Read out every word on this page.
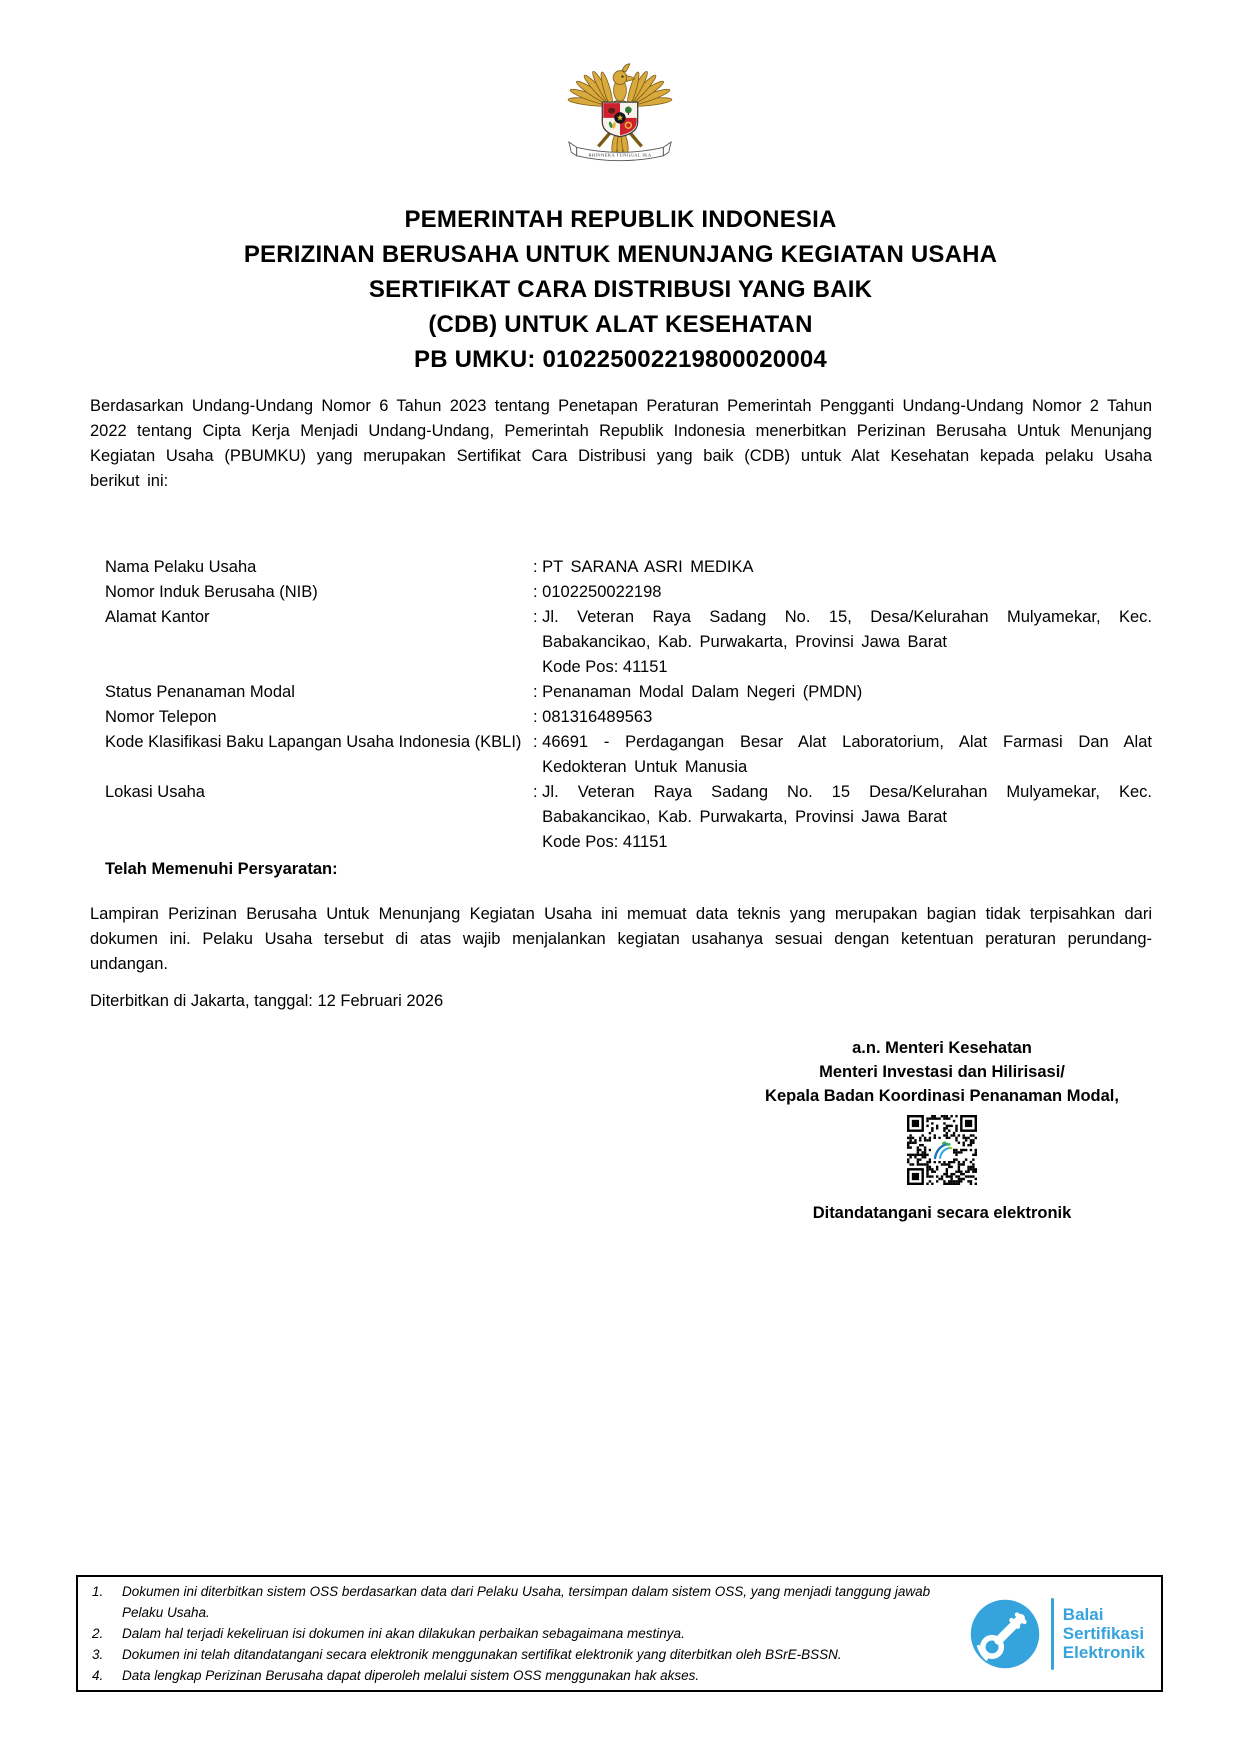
★
BHINNEKA TUNGGAL IKA
PEMERINTAH REPUBLIK INDONESIA
PERIZINAN BERUSAHA UNTUK MENUNJANG KEGIATAN USAHA
SERTIFIKAT CARA DISTRIBUSI YANG BAIK
(CDB) UNTUK ALAT KESEHATAN
PB UMKU: 010225002219800020004
Berdasarkan Undang-Undang Nomor 6 Tahun 2023 tentang Penetapan Peraturan Pemerintah Pengganti Undang-Undang Nomor 2 Tahun 2022 tentang Cipta Kerja Menjadi Undang-Undang, Pemerintah Republik Indonesia menerbitkan Perizinan Berusaha Untuk Menunjang Kegiatan Usaha (PBUMKU) yang merupakan Sertifikat Cara Distribusi yang baik (CDB) untuk Alat Kesehatan kepada pelaku Usaha berikut ini:
Nama Pelaku Usaha	: PT SARANA ASRI MEDIKA
Nomor Induk Berusaha (NIB)	: 0102250022198
Alamat Kantor	: Jl. Veteran Raya Sadang No. 15, Desa/Kelurahan Mulyamekar, Kec. Babakancikao, Kab. Purwakarta, Provinsi Jawa Barat
Kode Pos: 41151
Status Penanaman Modal	: Penanaman Modal Dalam Negeri (PMDN)
Nomor Telepon	: 081316489563
Kode Klasifikasi Baku Lapangan Usaha Indonesia (KBLI) : 46691 - Perdagangan Besar Alat Laboratorium, Alat Farmasi Dan Alat Kedokteran Untuk Manusia
Lokasi Usaha	: Jl. Veteran Raya Sadang No. 15 Desa/Kelurahan Mulyamekar, Kec. Babakancikao, Kab. Purwakarta, Provinsi Jawa Barat
Kode Pos: 41151
Telah Memenuhi Persyaratan:
Lampiran Perizinan Berusaha Untuk Menunjang Kegiatan Usaha ini memuat data teknis yang merupakan bagian tidak terpisahkan dari dokumen ini. Pelaku Usaha tersebut di atas wajib menjalankan kegiatan usahanya sesuai dengan ketentuan peraturan perundang-undangan.
Diterbitkan di Jakarta, tanggal: 12 Februari 2026
a.n. Menteri Kesehatan
Menteri Investasi dan Hilirisasi/
Kepala Badan Koordinasi Penanaman Modal,
Ditandatangani secara elektronik
Dokumen ini diterbitkan sistem OSS berdasarkan data dari Pelaku Usaha, tersimpan dalam sistem OSS, yang menjadi tanggung jawab Pelaku Usaha.
Dalam hal terjadi kekeliruan isi dokumen ini akan dilakukan perbaikan sebagaimana mestinya.
Dokumen ini telah ditandatangani secara elektronik menggunakan sertifikat elektronik yang diterbitkan oleh BSrE-BSSN.
Data lengkap Perizinan Berusaha dapat diperoleh melalui sistem OSS menggunakan hak akses.
Balai
Sertifikasi
Elektronik
